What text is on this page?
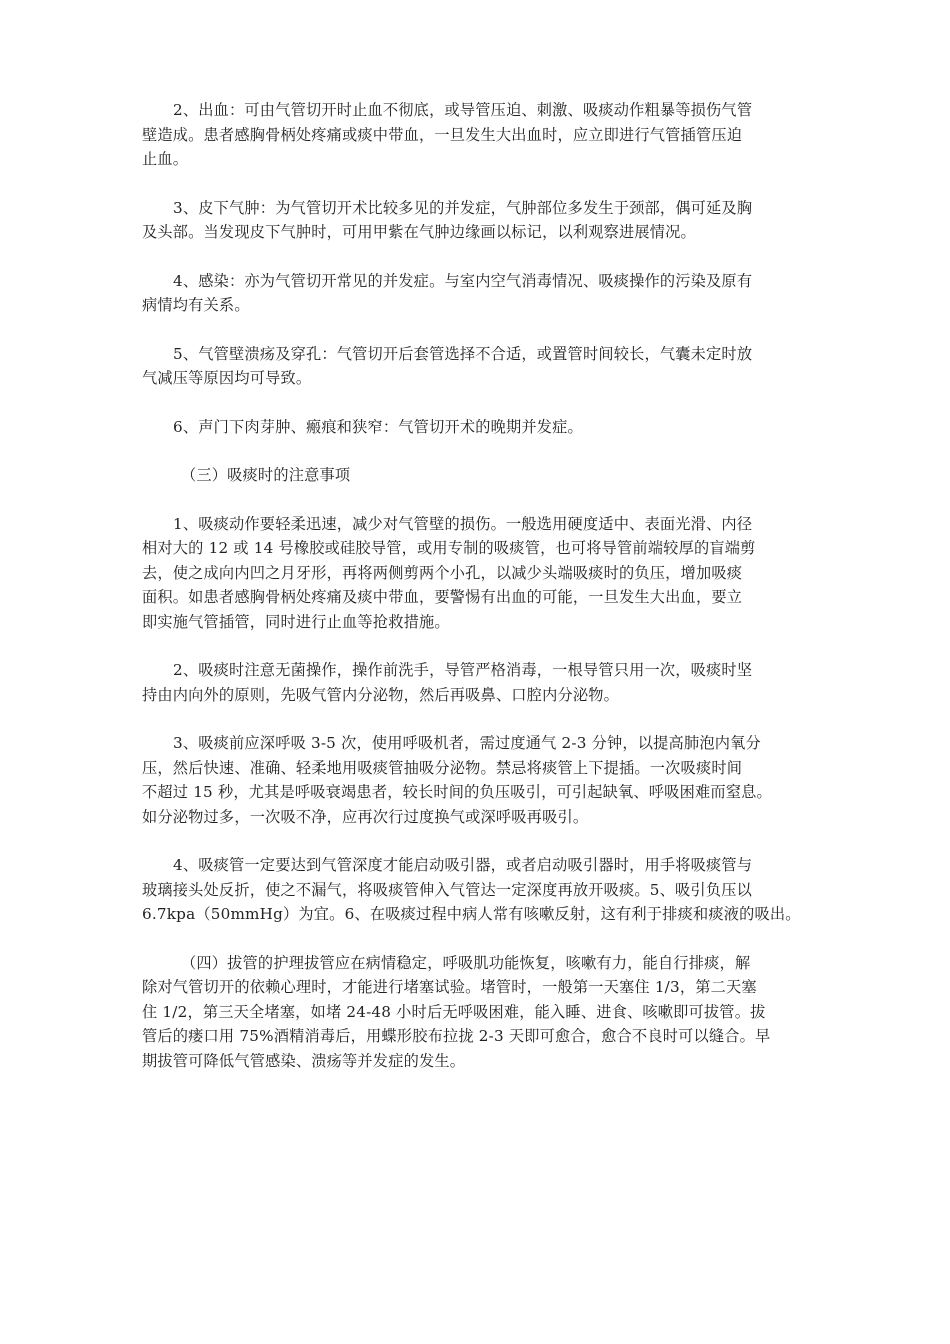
2、出血：可由气管切开时止血不彻底，或导管压迫、刺激、吸痰动作粗暴等损伤气管
壁造成。患者感胸骨柄处疼痛或痰中带血，一旦发生大出血时，应立即进行气管插管压迫
止血。
3、皮下气肿：为气管切开术比较多见的并发症，气肿部位多发生于颈部，偶可延及胸
及头部。当发现皮下气肿时，可用甲紫在气肿边缘画以标记，以利观察进展情况。
4、感染：亦为气管切开常见的并发症。与室内空气消毒情况、吸痰操作的污染及原有
病情均有关系。
5、气管壁溃疡及穿孔：气管切开后套管选择不合适，或置管时间较长，气囊未定时放
气减压等原因均可导致。
6、声门下肉芽肿、瘢痕和狭窄：气管切开术的晚期并发症。
（三）吸痰时的注意事项
1、吸痰动作要轻柔迅速，减少对气管壁的损伤。一般选用硬度适中、表面光滑、内径
相对大的 12 或 14 号橡胶或硅胶导管，或用专制的吸痰管，也可将导管前端较厚的盲端剪
去，使之成向内凹之月牙形，再将两侧剪两个小孔，以减少头端吸痰时的负压，增加吸痰
面积。如患者感胸骨柄处疼痛及痰中带血，要警惕有出血的可能，一旦发生大出血，要立
即实施气管插管，同时进行止血等抢救措施。
2、吸痰时注意无菌操作，操作前洗手，导管严格消毒，一根导管只用一次，吸痰时坚
持由内向外的原则，先吸气管内分泌物，然后再吸鼻、口腔内分泌物。
3、吸痰前应深呼吸 3-5 次，使用呼吸机者，需过度通气 2-3 分钟，以提高肺泡内氧分
压，然后快速、准确、轻柔地用吸痰管抽吸分泌物。禁忌将痰管上下提插。一次吸痰时间
不超过 15 秒，尤其是呼吸衰竭患者，较长时间的负压吸引，可引起缺氧、呼吸困难而窒息。
如分泌物过多，一次吸不净，应再次行过度换气或深呼吸再吸引。
4、吸痰管一定要达到气管深度才能启动吸引器，或者启动吸引器时，用手将吸痰管与
玻璃接头处反折，使之不漏气，将吸痰管伸入气管达一定深度再放开吸痰。5、吸引负压以
6.7kpa（50mmHg）为宜。6、在吸痰过程中病人常有咳嗽反射，这有利于排痰和痰液的吸出。
（四）拔管的护理拔管应在病情稳定，呼吸肌功能恢复，咳嗽有力，能自行排痰，解
除对气管切开的依赖心理时，才能进行堵塞试验。堵管时，一般第一天塞住 1/3，第二天塞
住 1/2，第三天全堵塞，如堵 24-48 小时后无呼吸困难，能入睡、进食、咳嗽即可拔管。拔
管后的瘘口用 75%酒精消毒后，用蝶形胶布拉拢 2-3 天即可愈合，愈合不良时可以缝合。早
期拔管可降低气管感染、溃疡等并发症的发生。
